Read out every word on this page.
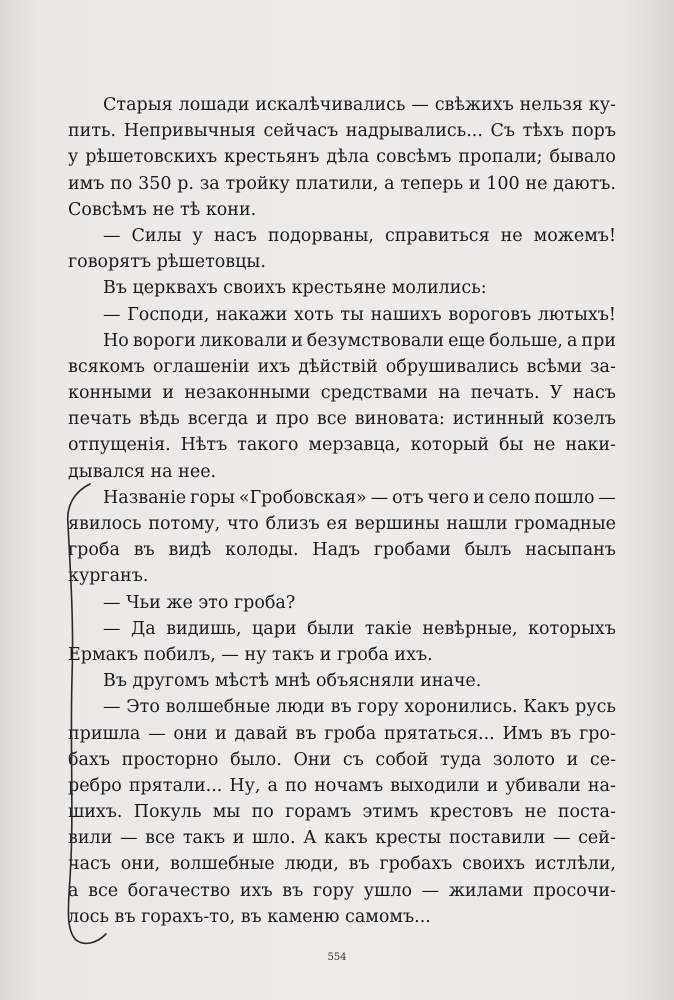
Старыя лошади искалѣчивались — свѣжихъ нельзя ку-
пить. Непривычныя сейчасъ надрывались... Съ тѣхъ поръ
у рѣшетовскихъ крестьянъ дѣла совсѣмъ пропали; бывало
имъ по 350 р. за тройку платили, а теперь и 100 не даютъ.
Совсѣмъ не тѣ кони.
— Силы у насъ подорваны, справиться не можемъ!
говорятъ рѣшетовцы.
Въ церквахъ своихъ крестьяне молились:
— Господи, накажи хоть ты нашихъ вороговъ лютыхъ!
Но вороги ликовали и безумствовали еще больше, а при
всякомъ оглашеніи ихъ дѣйствій обрушивались всѣми за-
конными и незаконными средствами на печать. У насъ
печать вѣдь всегда и про все виновата: истинный козелъ
отпущенія. Нѣтъ такого мерзавца, который бы не наки-
дывался на нее.
Названіе горы «Гробовская» — отъ чего и село пошло —
явилось потому, что близъ ея вершины нашли громадные
гроба въ видѣ колоды. Надъ гробами былъ насыпанъ
курганъ.
— Чьи же это гроба?
— Да видишь, цари были такіе невѣрные, которыхъ
Ермакъ побилъ, — ну такъ и гроба ихъ.
Въ другомъ мѣстѣ мнѣ объясняли иначе.
— Это волшебные люди въ гору хоронились. Какъ русь
пришла — они и давай въ гроба прятаться... Имъ въ гро-
бахъ просторно было. Они съ собой туда золото и се-
ребро прятали... Ну, а по ночамъ выходили и убивали на-
шихъ. Покуль мы по горамъ этимъ крестовъ не поста-
вили — все такъ и шло. А какъ кресты поставили — сей-
часъ они, волшебные люди, въ гробахъ своихъ истлѣли,
а все богачество ихъ въ гору ушло — жилами просочи-
лось въ горахъ-то, въ каменю самомъ...
554
